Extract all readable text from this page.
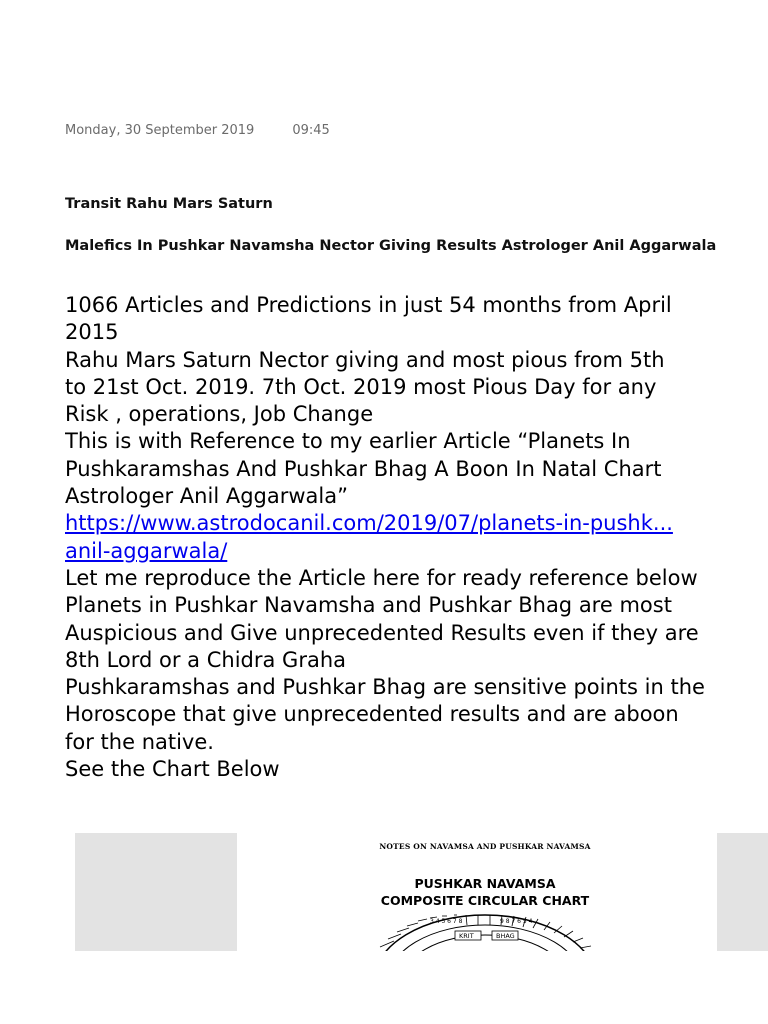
Monday, 30 September 2019	09:45
Transit Rahu Mars Saturn
Malefics In Pushkar Navamsha Nector Giving Results Astrologer Anil Aggarwala
1066 Articles and Predictions in just 54 months from April
2015
Rahu Mars Saturn Nector giving and most pious from 5th
to 21st Oct. 2019. 7th Oct. 2019 most Pious Day for any
Risk , operations, Job Change
This is with Reference to my earlier Article “Planets In
Pushkaramshas And Pushkar Bhag A Boon In Natal Chart
Astrologer Anil Aggarwala”
https://www.astrodocanil.com/2019/07/planets-in-pushk...
anil-aggarwala/
Let me reproduce the Article here for ready reference below
Planets in Pushkar Navamsha and Pushkar Bhag are most
Auspicious and Give unprecedented Results even if they are
8th Lord or a Chidra Graha
Pushkaramshas and Pushkar Bhag are sensitive points in the
Horoscope that give unprecedented results and are aboon
for the native.
See the Chart Below
NOTES ON NAVAMSA AND PUSHKAR NAVAMSA
PUSHKAR NAVAMSA
COMPOSITE CIRCULAR CHART
3 4 5 6 7 8	9 8 7 6 5 4
KRIT	BHAG
